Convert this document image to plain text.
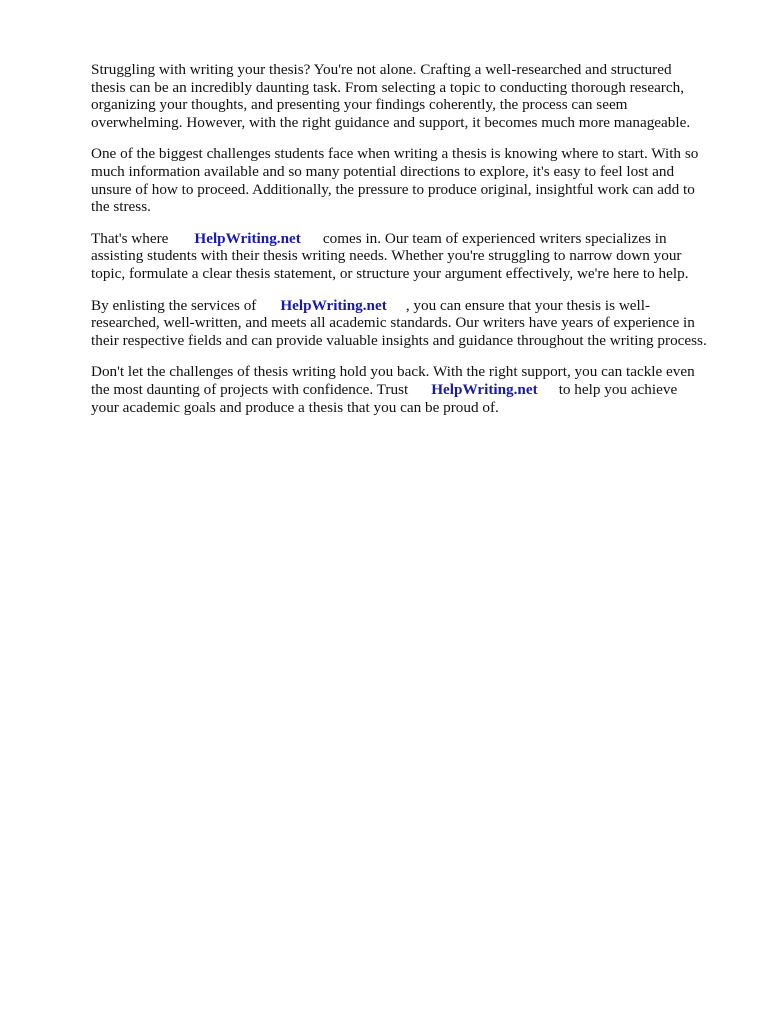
Struggling with writing your thesis? You're not alone. Crafting a well-researched and structured
thesis can be an incredibly daunting task. From selecting a topic to conducting thorough research,
organizing your thoughts, and presenting your findings coherently, the process can seem
overwhelming. However, with the right guidance and support, it becomes much more manageable.

One of the biggest challenges students face when writing a thesis is knowing where to start. With so
much information available and so many potential directions to explore, it's easy to feel lost and
unsure of how to proceed. Additionally, the pressure to produce original, insightful work can add to
the stress.

That's where HelpWriting.net comes in. Our team of experienced writers specializes in
assisting students with their thesis writing needs. Whether you're struggling to narrow down your
topic, formulate a clear thesis statement, or structure your argument effectively, we're here to help.

By enlisting the services of HelpWriting.net , you can ensure that your thesis is well-
researched, well-written, and meets all academic standards. Our writers have years of experience in
their respective fields and can provide valuable insights and guidance throughout the writing process.

Don't let the challenges of thesis writing hold you back. With the right support, you can tackle even
the most daunting of projects with confidence. Trust HelpWriting.net to help you achieve
your academic goals and produce a thesis that you can be proud of.
